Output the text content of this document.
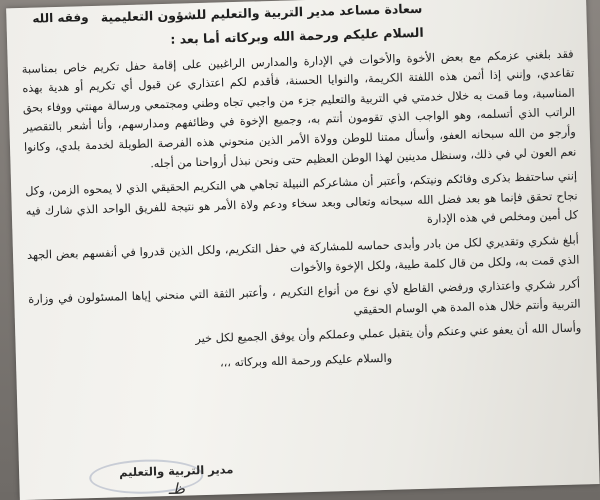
سعادة مساعد مدير التربية والتعليم للشؤون التعليمية
وفقه الله
السلام عليكم ورحمة الله وبركاته أما بعد :

فقد بلغني عزمكم مع بعض الأخوة والأخوات في الإدارة والمدارس الراغبين على إقامة حفل تكريم خاص بمناسبة تقاعدي، وإنني إذا أثمن هذه اللفتة الكريمة، والنوايا الحسنة، فأقدم لكم اعتذاري عن قبول أي تكريم أو هدية بهذه المناسبة، وما قمت به خلال خدمتي في التربية والتعليم جزء من واجبي تجاه وطني ومجتمعي ورسالة مهنتي ووفاء بحق الراتب الذي أتسلمه، وهو الواجب الذي تقومون أنتم به، وجميع الإخوة في وظائفهم ومدارسهم، وأنا أشعر بالتقصير وأرجو من الله سبحانه العفو، وأسأل ممتنا للوطن وولاة الأمر الذين منحوني هذه الفرصة الطويلة لخدمة بلدي، وكانوا نعم العون لي في ذلك، وسنظل مدينين لهذا الوطن العظيم حتى ونحن نبذل أرواحنا من أجله.

إنني ساحتفظ بذكرى وفائكم ونيتكم، وأعتبر أن مشاعركم النبيلة تجاهي هي التكريم الحقيقي الذي لا يمحوه الزمن، وكل نجاح تحقق فإنما هو بعد فضل الله سبحانه وتعالى وبعد سخاء ودعم ولاة الأمر هو نتيجة للفريق الواحد الذي شارك فيه كل أمين ومخلص في هذه الإدارة

أبلغ شكري وتقديري لكل من بادر وأبدى حماسه للمشاركة في حفل التكريم، ولكل الذين قدروا في أنفسهم بعض الجهد الذي قمت به، ولكل من قال كلمة طيبة، ولكل الإخوة والأخوات

أكرر شكري واعتذاري ورفضي القاطع لأي نوع من أنواع التكريم ، وأعتبر الثقة التي منحني إياها المسئولون في وزارة التربية وأنتم خلال هذه المدة هي الوسام الحقيقي

وأسال الله أن يعفو عني وعنكم وأن يتقبل عملي وعملكم وأن يوفق الجميع لكل خير

والسلام عليكم ورحمة الله وبركاته ،،،
مدير التربية والتعليم
ظـ
